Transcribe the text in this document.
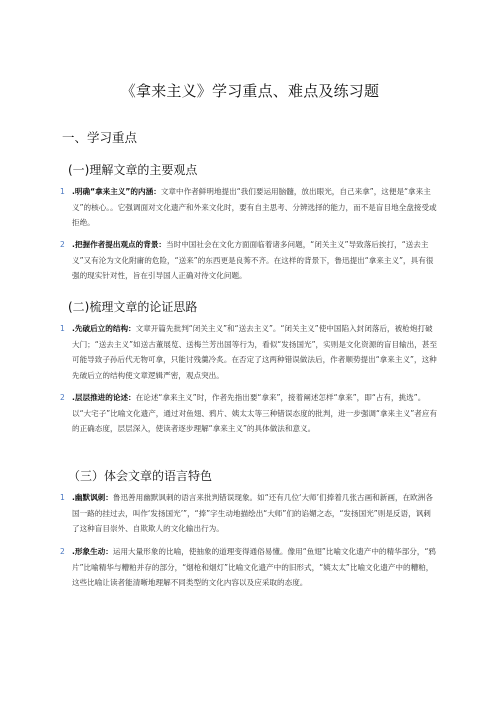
《拿来主义》学习重点、难点及练习题
一、学习重点
(一)理解文章的主要观点
1 .明确“拿来主义”的内涵：文章中作者鲜明地提出“我们要运用脑髓，放出眼光，自己来拿”，这便是“拿来主义”的核心。。它强调面对文化遗产和外来文化时，要有自主思考、分辨选择的能力，而不是盲目地全盘接受或拒绝。
2 .把握作者提出观点的背景：当时中国社会在文化方面面临着诸多问题，“闭关主义”导致落后挨打，“送去主义”又有沦为文化附庸的危险，“送来”的东西更是良莠不齐。在这样的背景下，鲁迅提出“拿来主义”，具有很强的现实针对性，旨在引导国人正确对待文化问题。
(二)梳理文章的论证思路
1 .先破后立的结构：文章开篇先批判“闭关主义”和“送去主义”。“闭关主义”使中国陷入封闭落后，被枪炮打破大门；“送去主义”如送古董展览、送梅兰芳出国等行为，看似“发扬国光”，实则是文化资源的盲目输出，甚至可能导致子孙后代无物可拿，只能讨残羹冷炙。在否定了这两种错误做法后，作者顺势提出“拿来主义”，这种先破后立的结构使文章逻辑严密，观点突出。
2 .层层推进的论述：在论述“拿来主义”时，作者先指出要“拿来”，接着阐述怎样“拿来”，即“占有，挑选”。以“大宅子”比喻文化遗产，通过对鱼翅、鸦片、姨太太等三种错误态度的批判，进一步强调“拿来主义”者应有的正确态度，层层深入，使读者逐步理解“拿来主义”的具体做法和意义。
（三）体会文章的语言特色
1 .幽默讽刺：鲁迅善用幽默讽刺的语言来批判错误现象。如“还有几位‘大师’们捧着几张古画和新画，在欧洲各国一路的挂过去，叫作‘发扬国光’”，“捧”字生动地描绘出“大师”们的谄媚之态，“发扬国光”则是反语，讽刺了这种盲目崇外、自欺欺人的文化输出行为。
2 .形象生动：运用大量形象的比喻，使抽象的道理变得通俗易懂。像用“鱼翅”比喻文化遗产中的精华部分，“鸦片”比喻精华与糟粕并存的部分，“烟枪和烟灯”比喻文化遗产中的旧形式，“姨太太”比喻文化遗产中的糟粕，这些比喻让读者能清晰地理解不同类型的文化内容以及应采取的态度。
